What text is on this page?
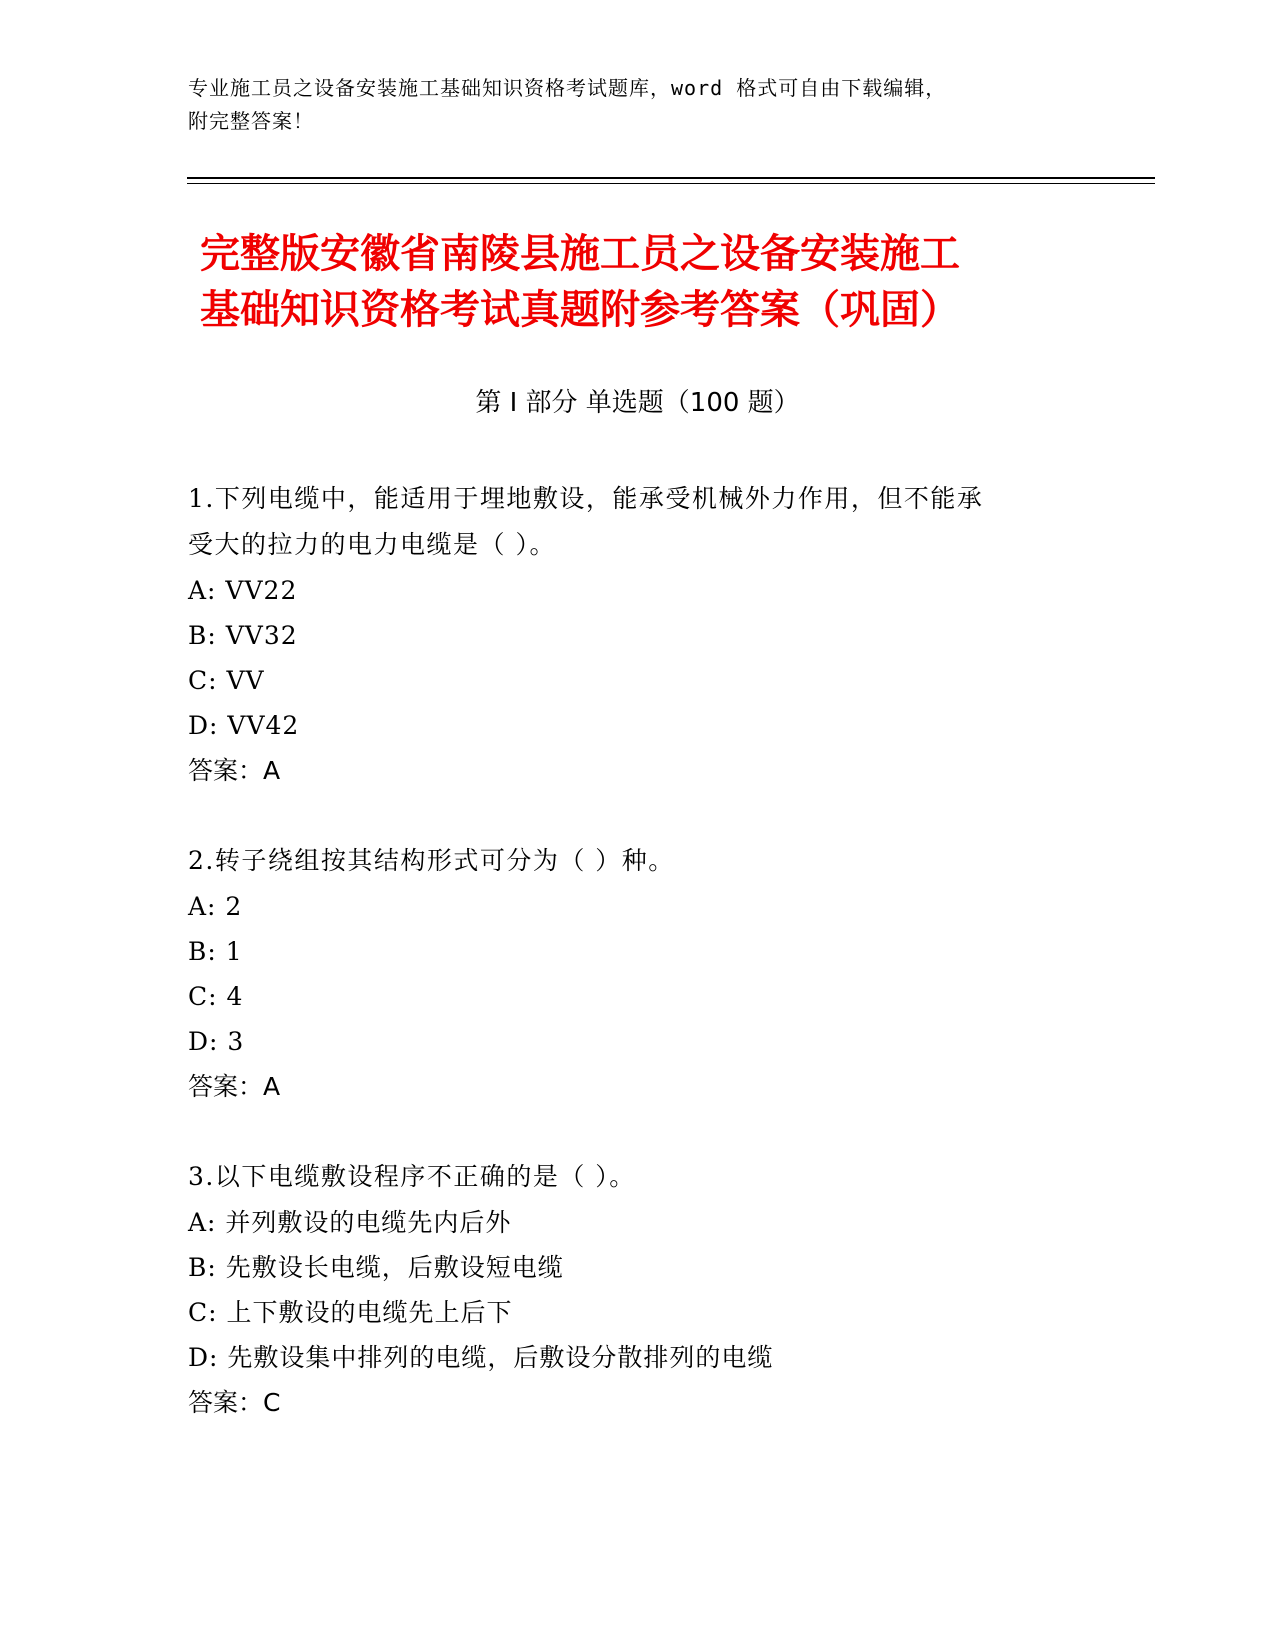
专业施工员之设备安装施工基础知识资格考试题库，word 格式可自由下载编辑，
附完整答案！
完整版安徽省南陵县施工员之设备安装施工
基础知识资格考试真题附参考答案（巩固）
第 I 部分 单选题（100 题）
1.下列电缆中，能适用于埋地敷设，能承受机械外力作用，但不能承
受大的拉力的电力电缆是（ ）。
A: VV22
B: VV32
C: VV
D: VV42
答案：A
2.转子绕组按其结构形式可分为（ ）种。
A: 2
B: 1
C: 4
D: 3
答案：A
3.以下电缆敷设程序不正确的是（ ）。
A: 并列敷设的电缆先内后外
B: 先敷设长电缆，后敷设短电缆
C: 上下敷设的电缆先上后下
D: 先敷设集中排列的电缆，后敷设分散排列的电缆
答案：C
